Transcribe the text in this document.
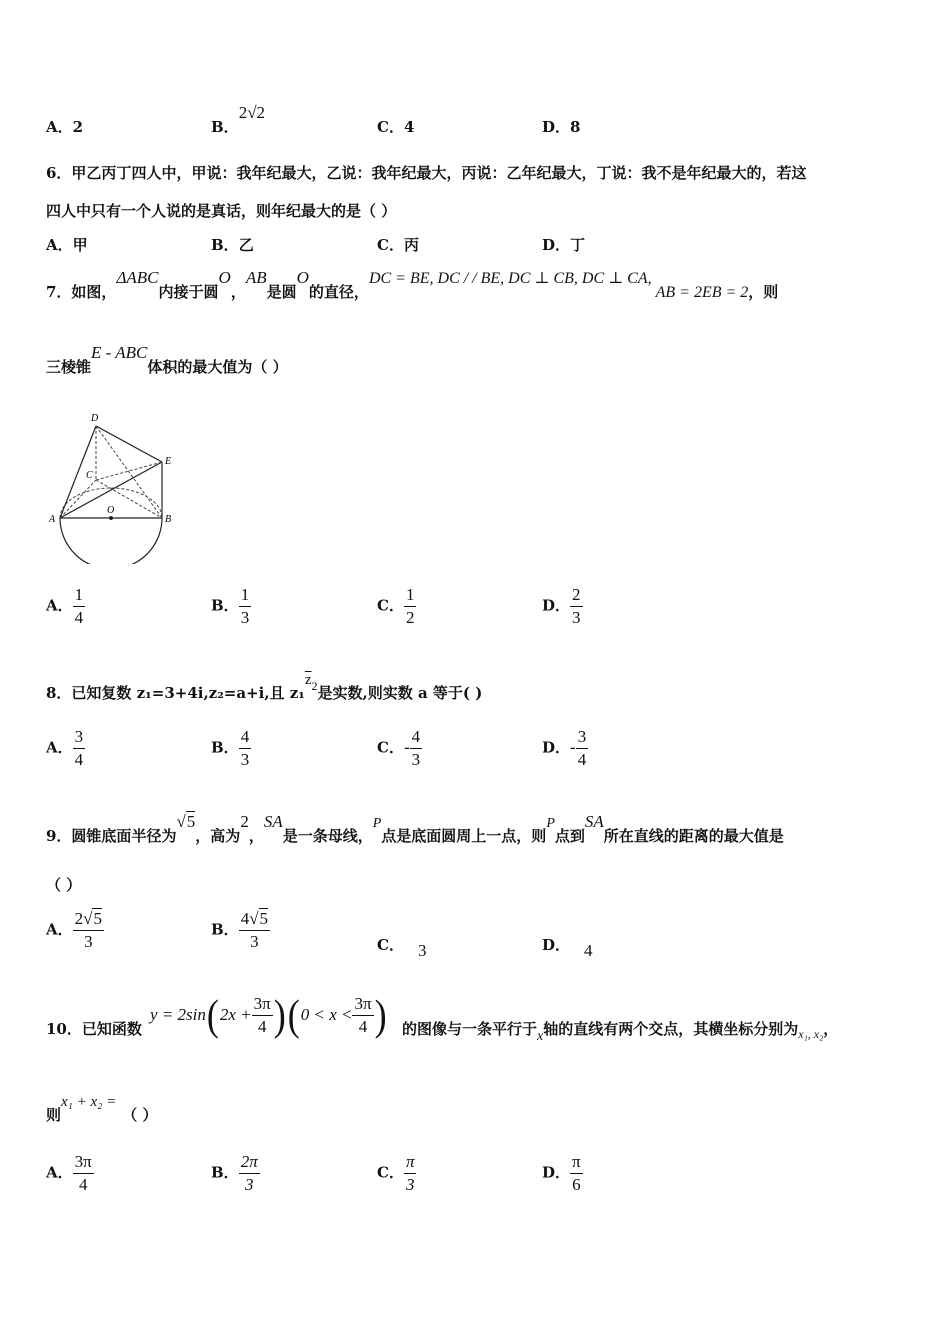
A．2	B．2√2
C．4	D．8
6．甲乙丙丁四人中，甲说：我年纪最大，乙说：我年纪最大，丙说：乙年纪最大，丁说：我不是年纪最大的，若这
四人中只有一个人说的是真话，则年纪最大的是（ ）
A．甲	B．乙	C．丙	D．丁
7．如图，ΔABC内接于圆O，AB是圆O的直径，DC = BE, DC / / BE, DC ⊥ CB, DC ⊥ CA,AB = 2EB = 2，则
三棱锥E - ABC体积的最大值为（ ）
D
E
C
A
O
B
A． $\frac{1}{4}$	B． $\frac{1}{3}$	C． $\frac{1}{2}$	D． $\frac{2}{3}$
8．已知复数 z₁=3+4i,z₂=a+i,且 $z_1\overline{z}^2$是实数,则实数 a 等于( )
A． $\frac{3}{4}$	B． $\frac{4}{3}$	C．- $\frac{4}{3}$	D．- $\frac{3}{4}$
9．圆锥底面半径为√5，高为2，SA是一条母线，P点是底面圆周上一点，则P点到SA所在直线的距离的最大值是
（ ）
A． $\frac{2√5}{3}$	B． $\frac{4√5}{3}$	C． 3	D． 4
10．已知函数
y = 2sin ( $2x + \frac{3\pi}{4}$ ) ( $0 < x < \frac{3\pi}{4}$ ) 的图像与一条平行于x轴的直线有两个交点，其横坐标分别为$_{x_1, x_2}$，
则x₁ + x₂ =（ ）
A． $\frac{3\pi}{4}$	B． $\frac{2\pi}{3}$	C． $\frac{\pi}{3}$	D． $\frac{\pi}{6}$
